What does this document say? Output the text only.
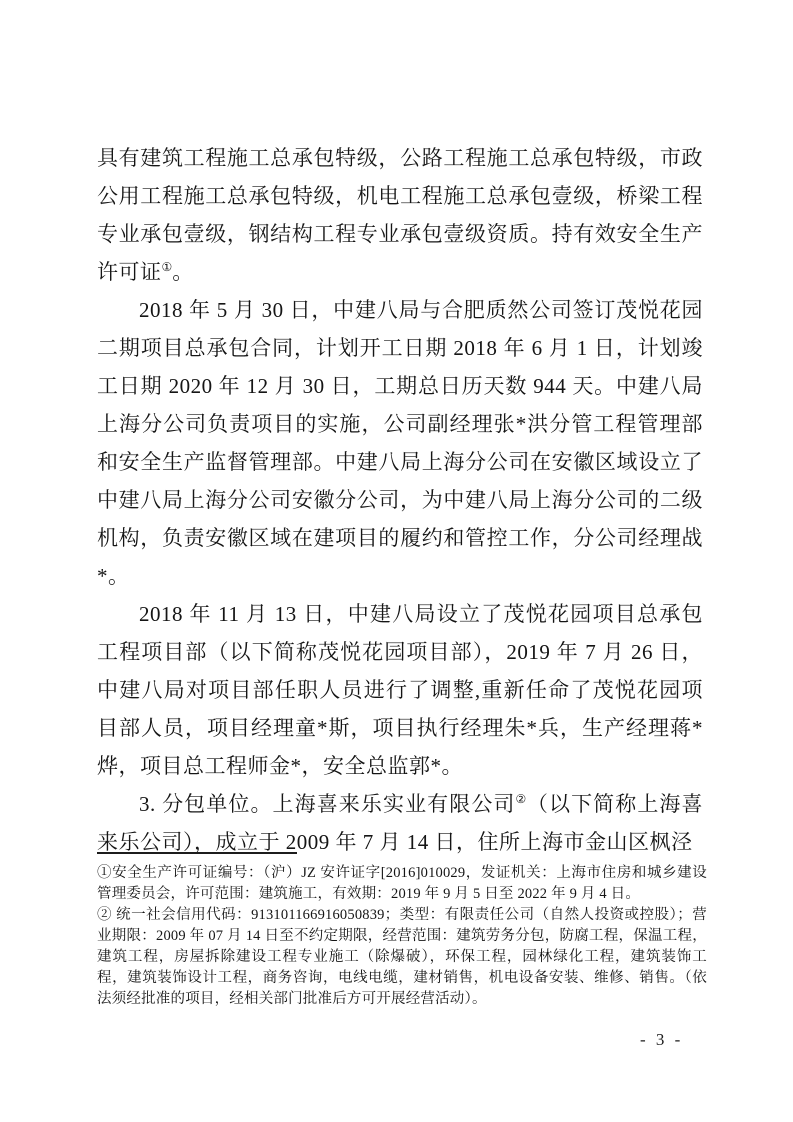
具有建筑工程施工总承包特级，公路工程施工总承包特级，市政公用工程施工总承包特级，机电工程施工总承包壹级，桥梁工程专业承包壹级，钢结构工程专业承包壹级资质。持有效安全生产许可证①。

2018 年 5 月 30 日，中建八局与合肥质然公司签订茂悦花园二期项目总承包合同，计划开工日期 2018 年 6 月 1 日，计划竣工日期 2020 年 12 月 30 日，工期总日历天数 944 天。中建八局上海分公司负责项目的实施，公司副经理张*洪分管工程管理部和安全生产监督管理部。中建八局上海分公司在安徽区域设立了中建八局上海分公司安徽分公司，为中建八局上海分公司的二级机构，负责安徽区域在建项目的履约和管控工作，分公司经理战*。

2018 年 11 月 13 日，中建八局设立了茂悦花园项目总承包工程项目部（以下简称茂悦花园项目部），2019 年 7 月 26 日，中建八局对项目部任职人员进行了调整,重新任命了茂悦花园项目部人员，项目经理童*斯，项目执行经理朱*兵，生产经理蒋*烨，项目总工程师金*，安全总监郭*。

3. 分包单位。上海喜来乐实业有限公司②（以下简称上海喜来乐公司），成立于 2009 年 7 月 14 日，住所上海市金山区枫泾

①安全生产许可证编号：（沪）JZ 安许证字[2016]010029，发证机关：上海市住房和城乡建设管理委员会，许可范围：建筑施工，有效期：2019 年 9 月 5 日至 2022 年 9 月 4 日。

② 统一社会信用代码：913101166916050839；类型：有限责任公司（自然人投资或控股）；营业期限：2009 年 07 月 14 日至不约定期限，经营范围：建筑劳务分包，防腐工程，保温工程，建筑工程，房屋拆除建设工程专业施工（除爆破），环保工程，园林绿化工程，建筑装饰工程，建筑装饰设计工程，商务咨询，电线电缆，建材销售，机电设备安装、维修、销售。（依法须经批准的项目，经相关部门批准后方可开展经营活动）。

- 3 -
